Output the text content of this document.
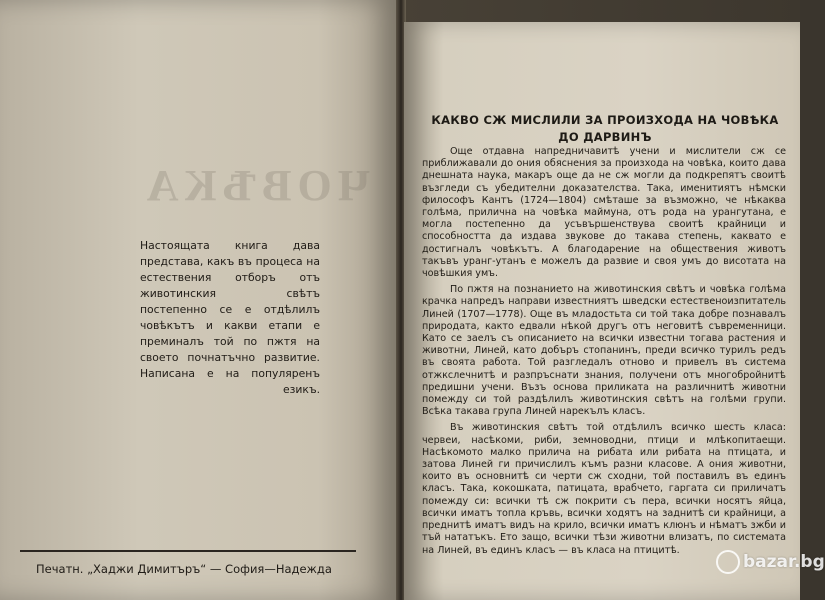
ЧОВѢКА

Настоящата книга дава представа, какъ въ процеса на естествения отборъ отъ животинския свѣтъ постепенно се е отдѣлилъ човѣкътъ и какви етапи е преминалъ той по пжтя на своето почнатъчно развитие. Написана е на популяренъ езикъ.

Печатн. „Хаджи Димитъръ“ — София—Надежда
КАКВО СЖ МИСЛИЛИ ЗА ПРОИЗХОДА НА ЧОВѢКА ДО ДАРВИНЪ

Още отдавна напредничавитѣ учени и мислители сж се приближавали до ония обяснения за произхода на човѣка, които дава днешната наука, макаръ още да не сж могли да подкрепятъ своитѣ възгледи съ убедителни доказателства. Така, именитиятъ нѣмски философъ Кантъ (1724—1804) смѣташе за възможно, че нѣкаква голѣма, прилична на човѣка маймуна, отъ рода на урангутана, е могла постепенно да усъвършенствува своитѣ крайници и способността да издава звукове до такава степень, каквато е достигналъ човѣкътъ. А благодарение на обществения животъ такъвъ уранг-утанъ е можелъ да развие и своя умъ до висотата на човѣшкия умъ.

По пжтя на познанието на животинския свѣтъ и човѣка голѣма крачка напредъ направи известниятъ шведски естественоизпитатель Линей (1707—1778). Още въ младостьта си той така добре познавалъ природата, както едвали нѣкой другъ отъ неговитѣ съвременници. Като се заелъ съ описанието на всички известни тогава растения и животни, Линей, като добъръ стопанинъ, преди всичко турилъ редъ въ своята работа. Той разгледалъ отново и привелъ въ система отжкслечнитѣ и разпръснати знания, получени отъ многобройнитѣ предишни учени. Възъ основа приликата на различнитѣ животни помежду си той раздѣлилъ животинския свѣтъ на голѣми групи. Всѣка такава група Линей нарекълъ класъ.

Въ животинския свѣтъ той отдѣлилъ всичко шесть класа: червеи, насѣкоми, риби, земноводни, птици и млѣкопитаещи. Насѣкомото малко прилича на рибата или рибата на птицата, и затова Линей ги причислилъ къмъ разни класове. А ония животни, които въ основнитѣ си черти сж сходни, той поставилъ въ единъ класъ. Така, кокошката, патицата, врабчето, гаргата си приличатъ помежду си: всички тѣ сж покрити съ пера, всички носятъ яйца, всички иматъ топла кръвь, всички ходятъ на заднитѣ си крайници, а преднитѣ иматъ видъ на крило, всички иматъ клюнъ и нѣматъ зжби и тъй нататъкъ. Ето защо, всички тѣзи животни влизатъ, по системата на Линей, въ единъ класъ — въ класа на птицитѣ.

bazar.bg
